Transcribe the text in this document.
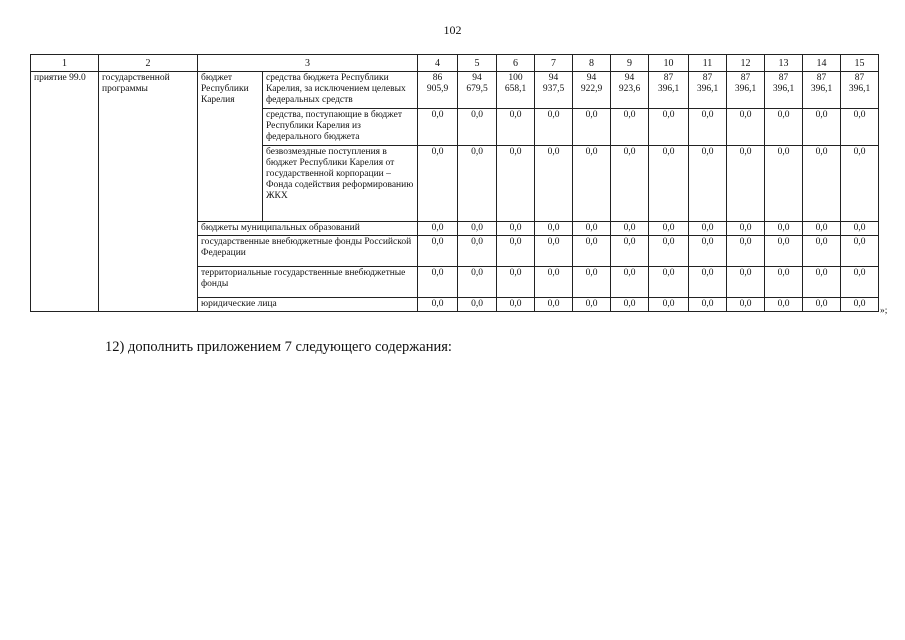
102
1	2	3		4	5	6	7	8	9	10	11	12	13	14	15
приятие 99.0	государственной программы	бюджет Республики Карелия	средства бюджета Республики Карелия, за исключением целевых федеральных средств	86 905,9	94 679,5	100 658,1	94 937,5	94 922,9	94 923,6	87 396,1	87 396,1	87 396,1	87 396,1	87 396,1	87 396,1
			средства, поступающие в бюджет Республики Карелия из федерального бюджета	0,0	0,0	0,0	0,0	0,0	0,0	0,0	0,0	0,0	0,0	0,0	0,0
			безвозмездные поступления в бюджет Республики Карелия от государственной корпорации – Фонда содействия реформированию ЖКХ	0,0	0,0	0,0	0,0	0,0	0,0	0,0	0,0	0,0	0,0	0,0	0,0
		бюджеты муниципальных образований		0,0	0,0	0,0	0,0	0,0	0,0	0,0	0,0	0,0	0,0	0,0	0,0
		государственные внебюджетные фонды Российской Федерации		0,0	0,0	0,0	0,0	0,0	0,0	0,0	0,0	0,0	0,0	0,0	0,0
		территориальные государственные внебюджетные фонды		0,0	0,0	0,0	0,0	0,0	0,0	0,0	0,0	0,0	0,0	0,0	0,0
		юридические лица		0,0	0,0	0,0	0,0	0,0	0,0	0,0	0,0	0,0	0,0	0,0	0,0
»;
12) дополнить приложением 7 следующего содержания:
